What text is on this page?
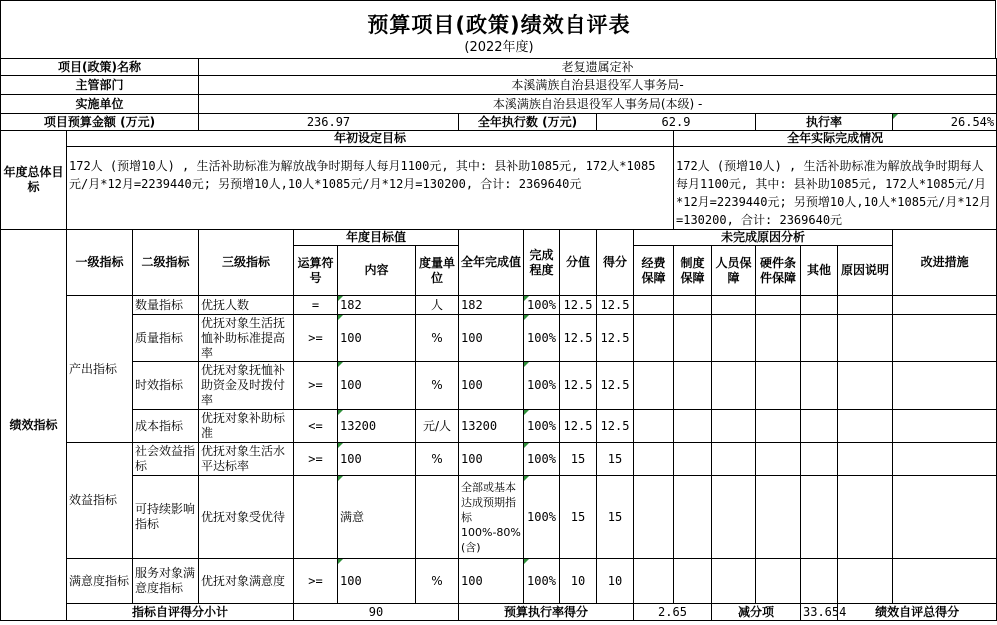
预算项目(政策)绩效自评表
(2022年度)
项目(政策)名称			老复遗属定补															
主管部门			本溪满族自治县退役军人事务局-															
实施单位			本溪满族自治县退役军人事务局(本级) -															
项目预算金额 (万元)			236.97				全年执行数 (万元)			62.9				执行率			26.54%	
年度总体目标	年初设定目标											全年实际完成情况						
	172人 (预增10人) , 生活补助标准为解放战争时期每人每月1100元, 其中: 县补助1085元, 172人*1085元/月*12月=2239440元; 另预增10人,10人*1085元/月*12月=130200, 合计: 2369640元											172人 (预增10人) , 生活补助标准为解放战争时期每人每月1100元, 其中: 县补助1085元, 172人*1085元/月*12月=2239440元; 另预增10人,10人*1085元/月*12月=130200, 合计: 2369640元						
绩效指标	一级指标	二级指标	三级指标	年度目标值			全年完成值	完成程度	分值	得分	未完成原因分析						改进措施	
				运算符号	内容	度量单位					经费保障	制度保障	人员保障	硬件条件保障	其他	原因说明		

	产出指标	数量指标	优抚人数	=	182	人	182	100%	12.5	12.5								
		质量指标	优抚对象生活抚恤补助标准提高率	>=	100	%	100	100%	12.5	12.5								
		时效指标	优抚对象抚恤补助资金及时拨付率	>=	100	%	100	100%	12.5	12.5								
		成本指标	优抚对象补助标准	<=	13200	元/人	13200	100%	12.5	12.5								
	效益指标	社会效益指标	优抚对象生活水平达标率	>=	100	%	100	100%	15	15								
		可持续影响指标	优抚对象受优待		满意		全部或基本达成预期指标100%-80%(含)	100%	15	15								
	满意度指标	服务对象满意度指标	优抚对象满意度	>=	100	%	100	100%	10	10								
	指标自评得分小计			90			预算执行率得分				2.65		减分项		33.654	绩效自评总得分	
